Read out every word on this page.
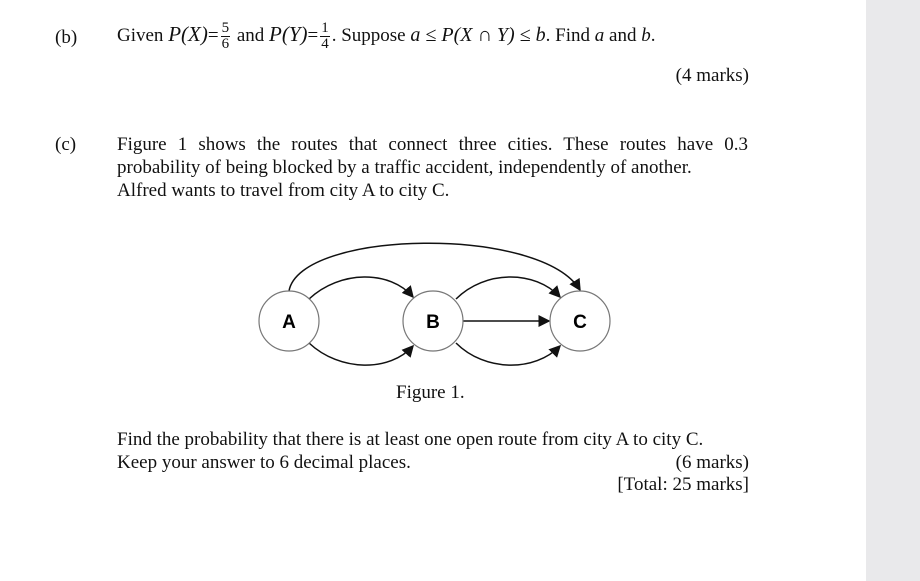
(b) Given $P(X)= \frac{5}{6}$ and $P(Y)= \frac{1}{4}$ . Suppose a ≤ P(X ∩ Y) ≤ b. Find a and b.
(4 marks)
(c) Figure 1 shows the routes that connect three cities. These routes have 0.3
probability of being blocked by a traffic accident, independently of another.
Alfred wants to travel from city A to city C.
A	B	C
Figure 1.
Find the probability that there is at least one open route from city A to city C.
Keep your answer to 6 decimal places.	(6 marks)
[Total: 25 marks]
